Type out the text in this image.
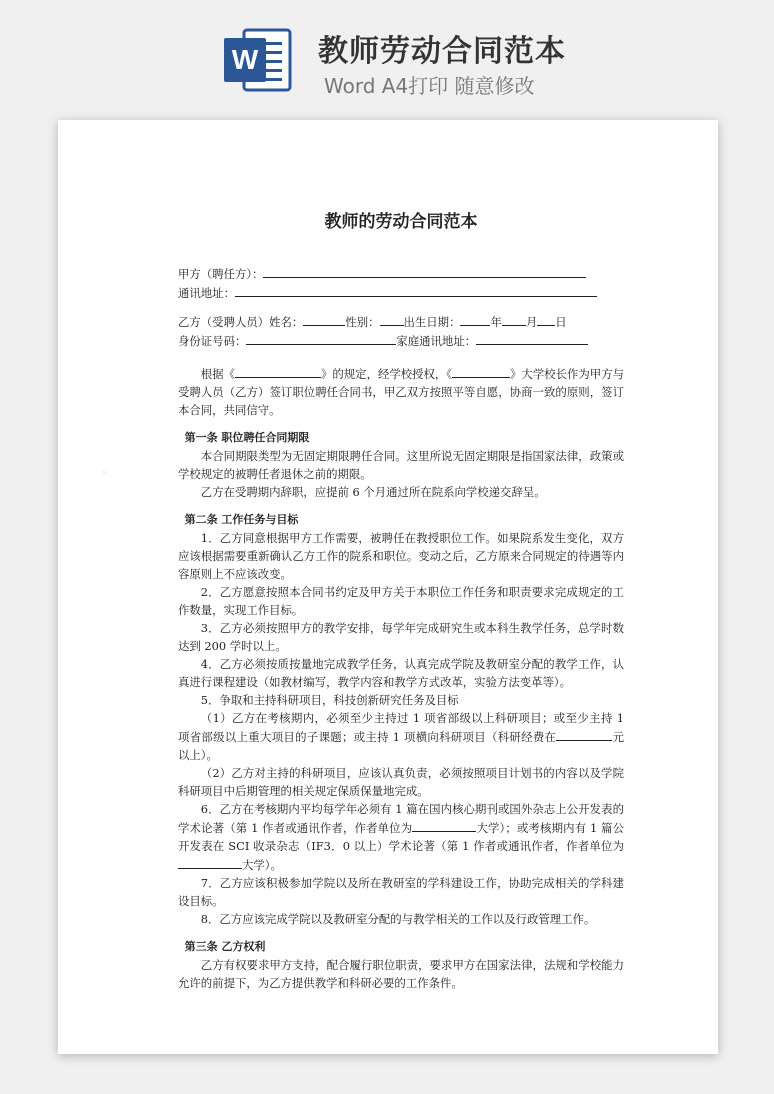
W 教师劳动合同范本
Word A4打印 随意修改
教师的劳动合同范本
甲方（聘任方）：
通讯地址：
乙方（受聘人员）姓名：	性别： 出生日期：	年 月 日
身份证号码：	家庭通讯地址：

根据《	》的规定，经学校授权，《	》大学校长作为甲方与受聘人员（乙方）签订职位聘任合同书，甲乙双方按照平等自愿，协商一致的原则，签订本合同，共同信守。

第一条 职位聘任合同期限

本合同期限类型为无固定期限聘任合同。这里所说无固定期限是指国家法律，政策或学校规定的被聘任者退休之前的期限。

乙方在受聘期内辞职，应提前 6 个月通过所在院系向学校递交辞呈。

第二条 工作任务与目标

1．乙方同意根据甲方工作需要，被聘任在教授职位工作。如果院系发生变化，双方应该根据需要重新确认乙方工作的院系和职位。变动之后，乙方原来合同规定的待遇等内容原则上不应该改变。

2．乙方愿意按照本合同书约定及甲方关于本职位工作任务和职责要求完成规定的工作数量，实现工作目标。

3．乙方必须按照甲方的教学安排，每学年完成研究生或本科生教学任务，总学时数达到 200 学时以上。

4．乙方必须按质按量地完成教学任务，认真完成学院及教研室分配的教学工作，认真进行课程建设（如教材编写，教学内容和教学方式改革，实验方法变革等）。

5．争取和主持科研项目，科技创新研究任务及目标

（1）乙方在考核期内，必须至少主持过 1 项省部级以上科研项目；或至少主持 1 项省部级以上重大项目的子课题；或主持 1 项横向科研项目（科研经费在	元以上）。

（2）乙方对主持的科研项目，应该认真负责，必须按照项目计划书的内容以及学院科研项目中后期管理的相关规定保质保量地完成。

6．乙方在考核期内平均每学年必须有 1 篇在国内核心期刊或国外杂志上公开发表的学术论著（第 1 作者或通讯作者，作者单位为	大学）；或考核期内有 1 篇公开发表在 SCI 收录杂志（IF3．0 以上）学术论著（第 1 作者或通讯作者，作者单位为大学）。

7．乙方应该积极参加学院以及所在教研室的学科建设工作，协助完成相关的学科建设目标。

8．乙方应该完成学院以及教研室分配的与教学相关的工作以及行政管理工作。

第三条 乙方权利

乙方有权要求甲方支持，配合履行职位职责，要求甲方在国家法律，法规和学校能力允许的前提下，为乙方提供教学和科研必要的工作条件。
